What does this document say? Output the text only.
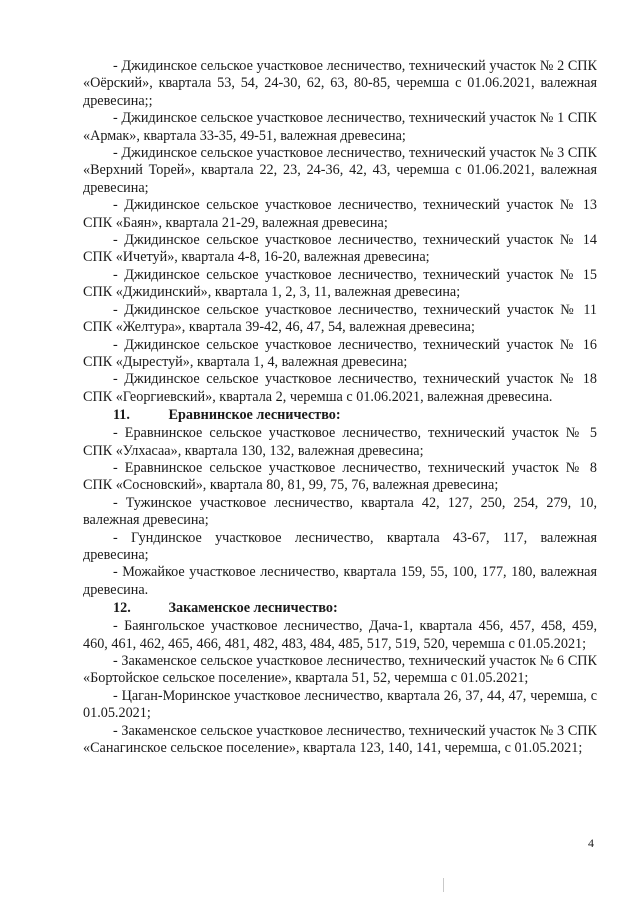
- Джидинское сельское участковое лесничество, технический участок № 2 СПК «Оёрский», квартала 53, 54, 24-30, 62, 63, 80-85, черемша с 01.06.2021, валежная древесина;;

- Джидинское сельское участковое лесничество, технический участок № 1 СПК «Армак», квартала 33-35, 49-51, валежная древесина;

- Джидинское сельское участковое лесничество, технический участок № 3 СПК «Верхний Торей», квартала 22, 23, 24-36, 42, 43, черемша с 01.06.2021, валежная древесина;

- Джидинское сельское участковое лесничество, технический участок № 13 СПК «Баян», квартала 21-29, валежная древесина;

- Джидинское сельское участковое лесничество, технический участок № 14 СПК «Ичетуй», квартала 4-8, 16-20, валежная древесина;

- Джидинское сельское участковое лесничество, технический участок № 15 СПК «Джидинский», квартала 1, 2, 3, 11, валежная древесина;

- Джидинское сельское участковое лесничество, технический участок № 11 СПК «Желтура», квартала 39-42, 46, 47, 54, валежная древесина;

- Джидинское сельское участковое лесничество, технический участок № 16 СПК «Дырестуй», квартала 1, 4, валежная древесина;

- Джидинское сельское участковое лесничество, технический участок № 18 СПК «Георгиевский», квартала 2, черемша с 01.06.2021, валежная древесина.

11.	Еравнинское лесничество:

- Еравнинское сельское участковое лесничество, технический участок № 5 СПК «Улхасаа», квартала 130, 132, валежная древесина;

- Еравнинское сельское участковое лесничество, технический участок № 8 СПК «Сосновский», квартала 80, 81, 99, 75, 76, валежная древесина;

- Тужинское участковое лесничество, квартала 42, 127, 250, 254, 279, 10, валежная древесина;

- Гундинское участковое лесничество, квартала 43-67, 117, валежная древесина;

- Можайкое участковое лесничество, квартала 159, 55, 100, 177, 180, валежная древесина.

12.	Закаменское лесничество:

- Баянгольское участковое лесничество, Дача-1, квартала 456, 457, 458, 459, 460, 461, 462, 465, 466, 481, 482, 483, 484, 485, 517, 519, 520, черемша с 01.05.2021;

- Закаменское сельское участковое лесничество, технический участок № 6 СПК «Бортойское сельское поселение», квартала 51, 52, черемша с 01.05.2021;

- Цаган-Моринское участковое лесничество, квартала 26, 37, 44, 47, черемша, с 01.05.2021;

- Закаменское сельское участковое лесничество, технический участок № 3 СПК «Санагинское сельское поселение», квартала 123, 140, 141, черемша, с 01.05.2021;

4
